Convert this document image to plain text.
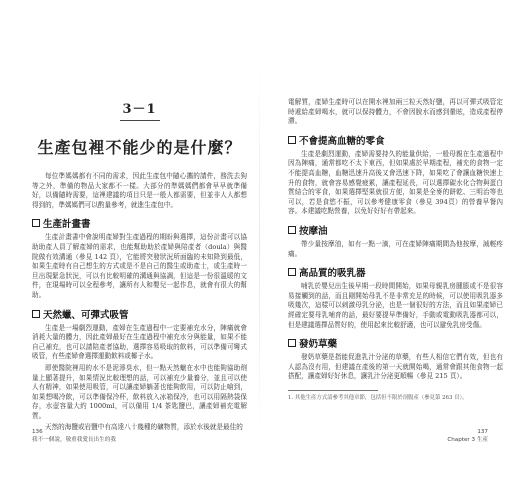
3－1
生產包裡不能少的是什麼？

每位準媽媽都有不同的需求，因此生產包中隨心攜的請件，務洗去狗等之外，準備的物品大家都不一樣。大部分的準媽媽們都會早早就準備好，以備隨時需要，這裡建議的項目只是一般人都需要，但並非人人都想得到的，準媽媽們可以酌量參考，就進生產包中。

生產計畫書

生產計畫書中會說明產婦對生產過程的期盼與選擇，這份計畫可以協助助產人員了解產婦的需求，也能幫助助於產婦與陪產者（doula）與醫院做有效溝通（參見 142 頁），它能將突發狀況所面臨的未知降到最低，如果生產時有自己想生的方式或是不是自己的醫生或助產士，或生產時一旦出現緊急狀況，可以有比較明確的溝通與協調，但這是一份很溫暖的文件，在現場時可以全程參考，讓所有人和嬰兒一起作息，就會有很大的幫助。

天然蠟、可彈式吸管

生產是一場劇烈運動，產婦在生產過程中一定要補充水分，陣痛就會消耗大量的體力，因此產婦最好在生產過程中補充水分與能量，如果不能自己補充，也可以請陪產者協助，選擇容易吸取的飲料，可以準備可彎式吸管，有些產婦會選擇運動飲料或椰子水。

即使醫院裡用的水不是泥濘臭水，但一點天然蠟在水中也能夠協助劑量上顯著提升，如果情況比較理想的話，可以補充少量養分，並且可以使人有精神，如果使用吸管，可以讓產婦躺著也能夠飲用，可以防止嗆到，如果想喝冷飲，可以準備保冷杯，飲料放入冰箱保冷，也可以用隔熱袋保存，水壺容量大約 1000ml，可以備用 1/4 茶匙鹽巴，讓產婦補充電解質。

天然的海鹽或岩鹽中有高達八十幾種的礦物質，添於水後就是最佳的

電解質，產婦生產時可以在開水裡加兩三粒天然好鹽，再以可彈式吸管定時遞給產婦喝水，就可以保持體力，不會因脫水而感到暈眩，造成產程停滯。

不會提高血糖的零食

生產是劇烈運動，產婦需要持久的能量供給，一般母親在生產過程中因為陣痛，通常都吃不太下東西，但如果處於早期產程，補充的食物一定不能提高血糖，血糖迅速升高後又會迅速下降，如果吃了會讓血糖快速上升的食物，就會容易感覺疲累，讓產程延長，可以選擇碳水化合物與蛋白質結合的零食，如果選擇堅果就很方便，如果是全麥的餅乾、三明治等也可以，若是食慾不振，可以參考健康零食（參見 394頁）的營養早餐內容。本建議吃點營養，以免好好好有帶起來。

按摩油

帶少量按摩油，如有一點一滴，可在產婦陣痛期間為他按摩，減輕疼痛。

高品質的吸乳器

哺乳於嬰兒出生後早期一段時間開始，如果母親乳房腫脹或不是很容易接觸到的話，而且剛開始母乳不是非常充足的時候，可以使用吸乳器多吸幾次，這樣可以刺激母乳分泌，也是一個很好的方法，而且如果產婦已經確定要母乳哺育的話，最好要提早準備好，手動或電動吸乳器都可以，但是建議選擇品質好的，使用起來比較舒適，也可以避免乳房受傷。

發奶草藥

發奶草藥是指能促進乳汁分泌的草藥，有些人相信它們有效，但也有人認為沒有用，但建議在產後的第一天就開始喝，通常會跟其他食物一起搭配，讓產婦好好休息，讓乳汁分泌更順暢（參見 215 頁）。

1. 其他生產方式請參考其他章節，包括但不限於剖腹產（參見第 263 頁）。
136
我不一個說，敬重我愛長出生的我
137
Chapter 3 生產
